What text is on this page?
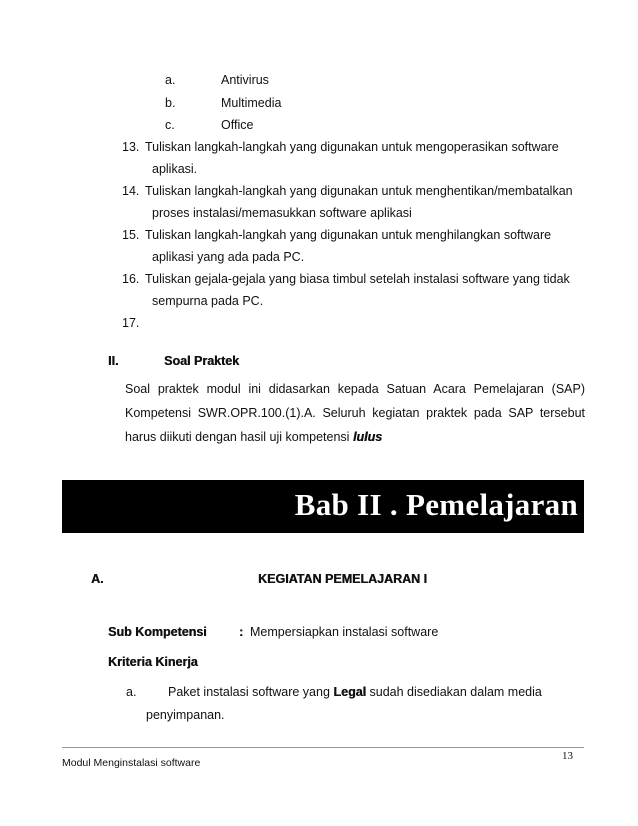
a.	Antivirus
b.	Multimedia
c.	Office
13. Tuliskan langkah-langkah yang digunakan untuk mengoperasikan software
aplikasi.
14. Tuliskan langkah-langkah yang digunakan untuk menghentikan/membatalkan
proses instalasi/memasukkan software aplikasi
15. Tuliskan langkah-langkah yang digunakan untuk menghilangkan software
aplikasi yang ada pada PC.
16. Tuliskan gejala-gejala yang biasa timbul setelah instalasi software yang tidak
sempurna pada PC.
17.
II.	Soal Praktek
Soal praktek modul ini didasarkan kepada Satuan Acara Pemelajaran (SAP)
Kompetensi SWR.OPR.100.(1).A. Seluruh kegiatan praktek pada SAP tersebut
harus diikuti dengan hasil uji kompetensi lulus
Bab II . Pemelajaran
A.	KEGIATAN PEMELAJARAN I
Sub Kompetensi	: Mempersiapkan instalasi software
Kriteria Kinerja
a.	Paket instalasi software yang Legal sudah disediakan dalam media
penyimpanan.
Modul Menginstalasi software
13
